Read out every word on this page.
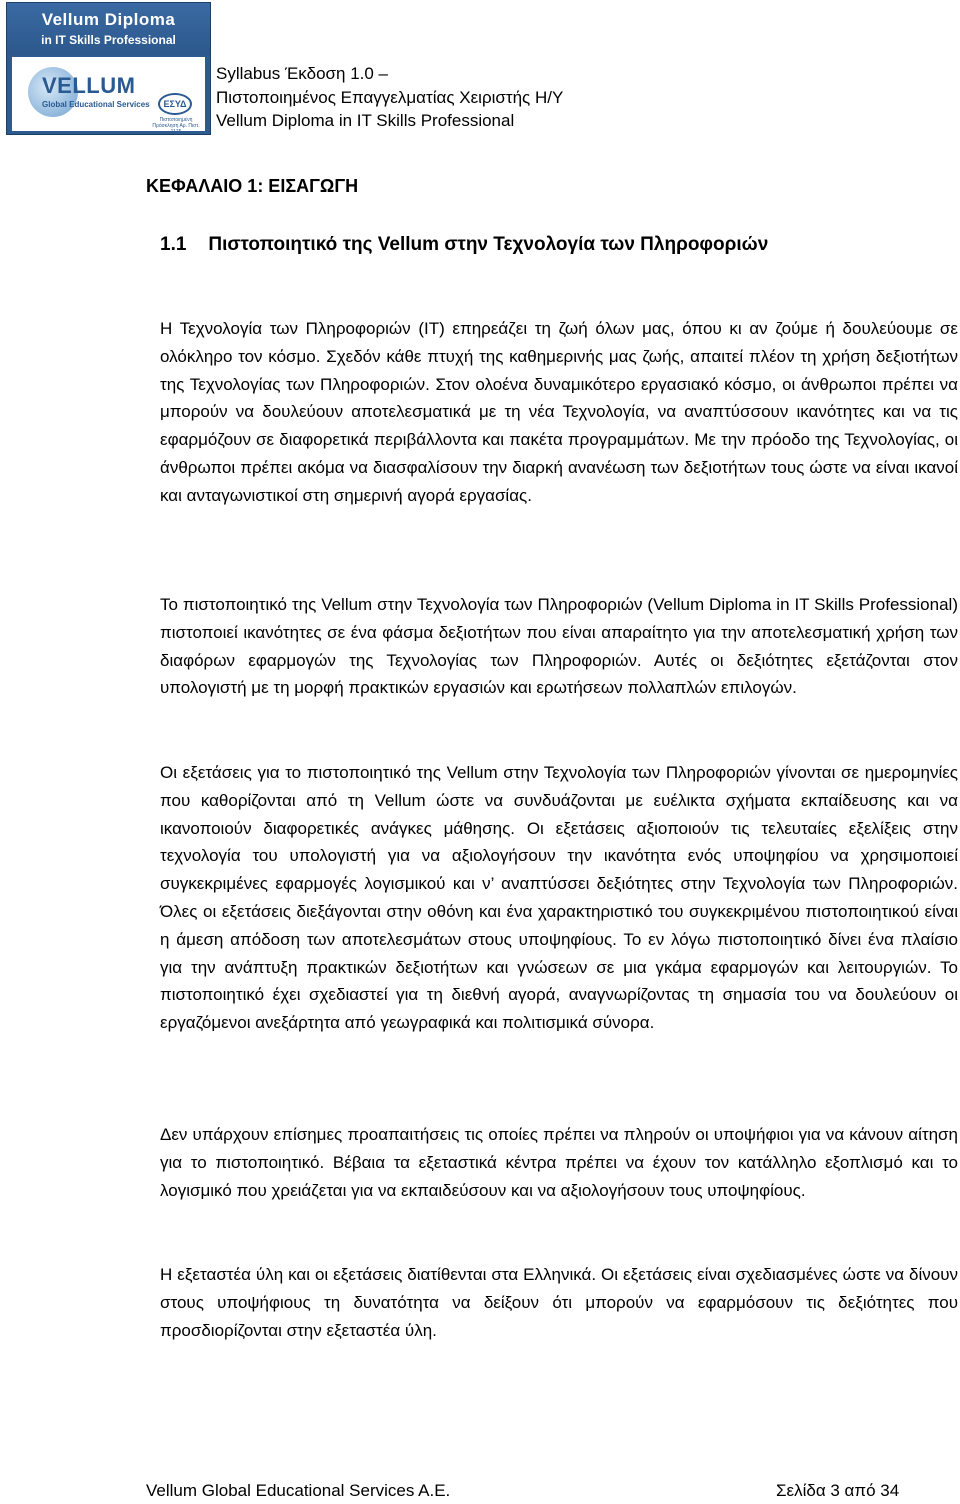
Vellum Diploma
in IT Skills Professional
VELLUM
Global Educational Services	ΕΣΥΔ
Πιστοποιημένη Πρόσκληση Αρ. Πιστ. 1175
Syllabus Έκδοση 1.0 –
Πιστοποιημένος Επαγγελματίας Χειριστής Η/Υ
Vellum Diploma in IT Skills Professional
ΚΕΦΑΛΑΙΟ 1: ΕΙΣΑΓΩΓΗ
1.1 Πιστοποιητικό της Vellum στην Τεχνολογία των Πληροφοριών

Η Τεχνολογία των Πληροφοριών (IT) επηρεάζει τη ζωή όλων μας, όπου κι αν ζούμε ή δουλεύουμε σε ολόκληρο τον κόσμο. Σχεδόν κάθε πτυχή της καθημερινής μας ζωής, απαιτεί πλέον τη χρήση δεξιοτήτων της Τεχνολογίας των Πληροφοριών. Στον ολοένα δυναμικότερο εργασιακό κόσμο, οι άνθρωποι πρέπει να μπορούν να δουλεύουν αποτελεσματικά με τη νέα Τεχνολογία, να αναπτύσσουν ικανότητες και να τις εφαρμόζουν σε διαφορετικά περιβάλλοντα και πακέτα προγραμμάτων. Με την πρόοδο της Τεχνολογίας, οι άνθρωποι πρέπει ακόμα να διασφαλίσουν την διαρκή ανανέωση των δεξιοτήτων τους ώστε να είναι ικανοί και ανταγωνιστικοί στη σημερινή αγορά εργασίας.

Το πιστοποιητικό της Vellum στην Τεχνολογία των Πληροφοριών (Vellum Diploma in IT Skills Professional) πιστοποιεί ικανότητες σε ένα φάσμα δεξιοτήτων που είναι απαραίτητο για την αποτελεσματική χρήση των διαφόρων εφαρμογών της Τεχνολογίας των Πληροφοριών. Αυτές οι δεξιότητες εξετάζονται στον υπολογιστή με τη μορφή πρακτικών εργασιών και ερωτήσεων πολλαπλών επιλογών.

Οι εξετάσεις για το πιστοποιητικό της Vellum στην Τεχνολογία των Πληροφοριών γίνονται σε ημερομηνίες που καθορίζονται από τη Vellum ώστε να συνδυάζονται με ευέλικτα σχήματα εκπαίδευσης και να ικανοποιούν διαφορετικές ανάγκες μάθησης. Οι εξετάσεις αξιοποιούν τις τελευταίες εξελίξεις στην τεχνολογία του υπολογιστή για να αξιολογήσουν την ικανότητα ενός υποψηφίου να χρησιμοποιεί συγκεκριμένες εφαρμογές λογισμικού και ν’ αναπτύσσει δεξιότητες στην Τεχνολογία των Πληροφοριών. Όλες οι εξετάσεις διεξάγονται στην οθόνη και ένα χαρακτηριστικό του συγκεκριμένου πιστοποιητικού είναι η άμεση απόδοση των αποτελεσμάτων στους υποψηφίους. Το εν λόγω πιστοποιητικό δίνει ένα πλαίσιο για την ανάπτυξη πρακτικών δεξιοτήτων και γνώσεων σε μια γκάμα εφαρμογών και λειτουργιών. Το πιστοποιητικό έχει σχεδιαστεί για τη διεθνή αγορά, αναγνωρίζοντας τη σημασία του να δουλεύουν οι εργαζόμενοι ανεξάρτητα από γεωγραφικά και πολιτισμικά σύνορα.

Δεν υπάρχουν επίσημες προαπαιτήσεις τις οποίες πρέπει να πληρούν οι υποψήφιοι για να κάνουν αίτηση για το πιστοποιητικό. Βέβαια τα εξεταστικά κέντρα πρέπει να έχουν τον κατάλληλο εξοπλισμό και το λογισμικό που χρειάζεται για να εκπαιδεύσουν και να αξιολογήσουν τους υποψηφίους.

Η εξεταστέα ύλη και οι εξετάσεις διατίθενται στα Ελληνικά. Οι εξετάσεις είναι σχεδιασμένες ώστε να δίνουν στους υποψήφιους τη δυνατότητα να δείξουν ότι μπορούν να εφαρμόσουν τις δεξιότητες που προσδιορίζονται στην εξεταστέα ύλη.

Vellum Global Educational Services A.E.	Σελίδα 3 από 34
